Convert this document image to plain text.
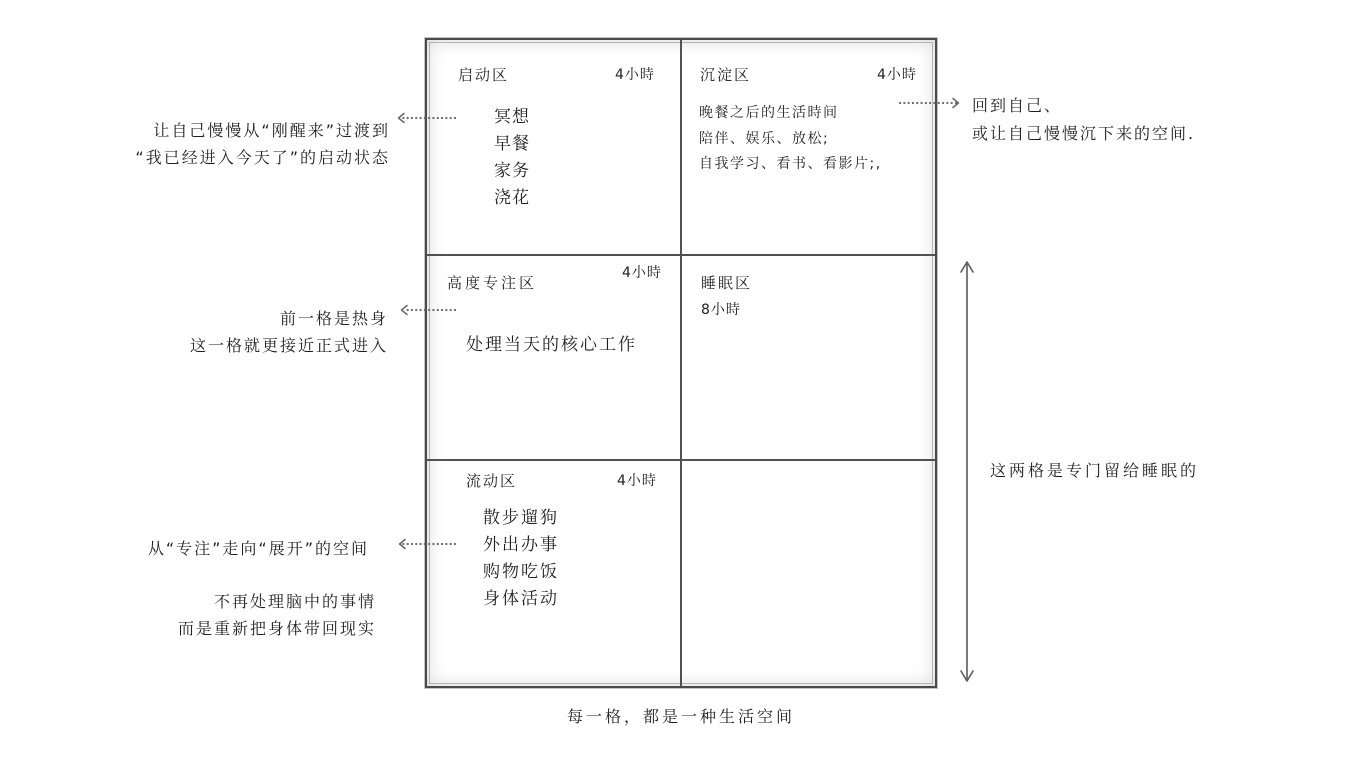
启动区	4小時
冥想
早餐
家务
浇花
沉淀区	4小時
晚餐之后的生活時间
陪伴、娱乐、放松;
自我学习、看书、看影片;,
高度专注区
4小時
处理当天的核心工作
睡眠区
8小時
流动区	4小時
散步遛狗
外出办事
购物吃饭
身体活动
让自己慢慢从“刚醒来”过渡到
“我已经进入今天了”的启动状态
前一格是热身
这一格就更接近正式进入
从“专注”走向“展开”的空间
不再处理脑中的事情
而是重新把身体带回现实
回到自己、
或让自己慢慢沉下来的空间.
这两格是专门留给睡眠的
每一格，都是一种生活空间
